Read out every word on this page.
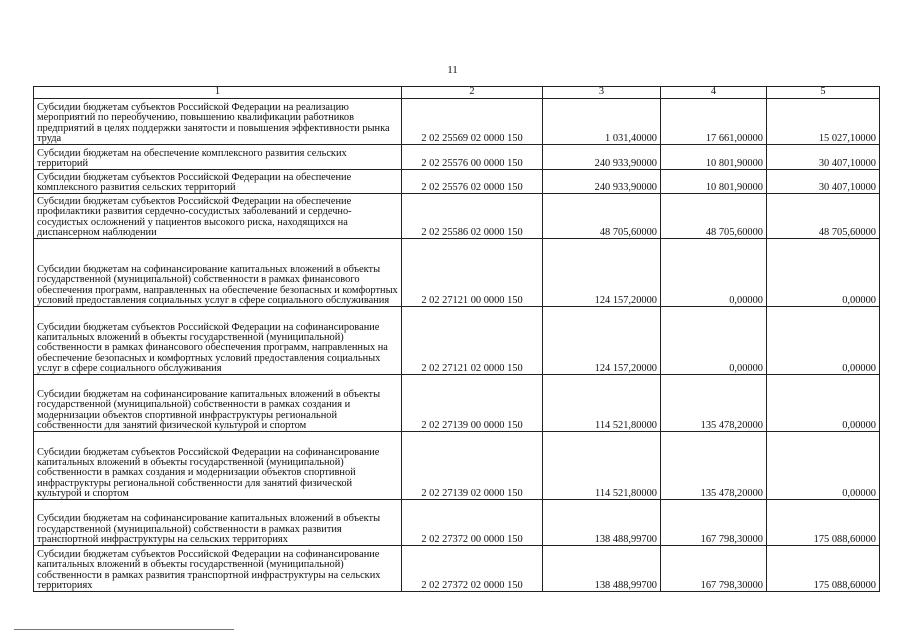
11
1	2	3	4	5
Субсидии бюджетам субъектов Российской Федерации на реализацию мероприятий по переобучению, повышению квалификации работников предприятий в целях поддержки занятости и повышения эффективности рынка труда	2 02 25569 02 0000 150	1 031,40000	17 661,00000	15 027,10000
Субсидии бюджетам на обеспечение комплексного развития сельских территорий	2 02 25576 00 0000 150	240 933,90000	10 801,90000	30 407,10000
Субсидии бюджетам субъектов Российской Федерации на обеспечение комплексного развития сельских территорий	2 02 25576 02 0000 150	240 933,90000	10 801,90000	30 407,10000
Субсидии бюджетам субъектов Российской Федерации на обеспечение профилактики развития сердечно-сосудистых заболеваний и сердечно-сосудистых осложнений у пациентов высокого риска, находящихся на диспансерном наблюдении	2 02 25586 02 0000 150	48 705,60000	48 705,60000	48 705,60000
Субсидии бюджетам на софинансирование капитальных вложений в объекты государственной (муниципальной) собственности в рамках финансового обеспечения программ, направленных на обеспечение безопасных и комфортных условий предоставления социальных услуг в сфере социального обслуживания	2 02 27121 00 0000 150	124 157,20000	0,00000	0,00000
Субсидии бюджетам субъектов Российской Федерации на софинансирование капитальных вложений в объекты государственной (муниципальной) собственности в рамках финансового обеспечения программ, направленных на обеспечение безопасных и комфортных условий предоставления социальных услуг в сфере социального обслуживания	2 02 27121 02 0000 150	124 157,20000	0,00000	0,00000
Субсидии бюджетам на софинансирование капитальных вложений в объекты государственной (муниципальной) собственности в рамках создания и модернизации объектов спортивной инфраструктуры региональной собственности для занятий физической культурой и спортом	2 02 27139 00 0000 150	114 521,80000	135 478,20000	0,00000
Субсидии бюджетам субъектов Российской Федерации на софинансирование капитальных вложений в объекты государственной (муниципальной) собственности в рамках создания и модернизации объектов спортивной инфраструктуры региональной собственности для занятий физической культурой и спортом	2 02 27139 02 0000 150	114 521,80000	135 478,20000	0,00000
Субсидии бюджетам на софинансирование капитальных вложений в объекты государственной (муниципальной) собственности в рамках развития транспортной инфраструктуры на сельских территориях	2 02 27372 00 0000 150	138 488,99700	167 798,30000	175 088,60000
Субсидии бюджетам субъектов Российской Федерации на софинансирование капитальных вложений в объекты государственной (муниципальной) собственности в рамках развития транспортной инфраструктуры на сельских территориях	2 02 27372 02 0000 150	138 488,99700	167 798,30000	175 088,60000
